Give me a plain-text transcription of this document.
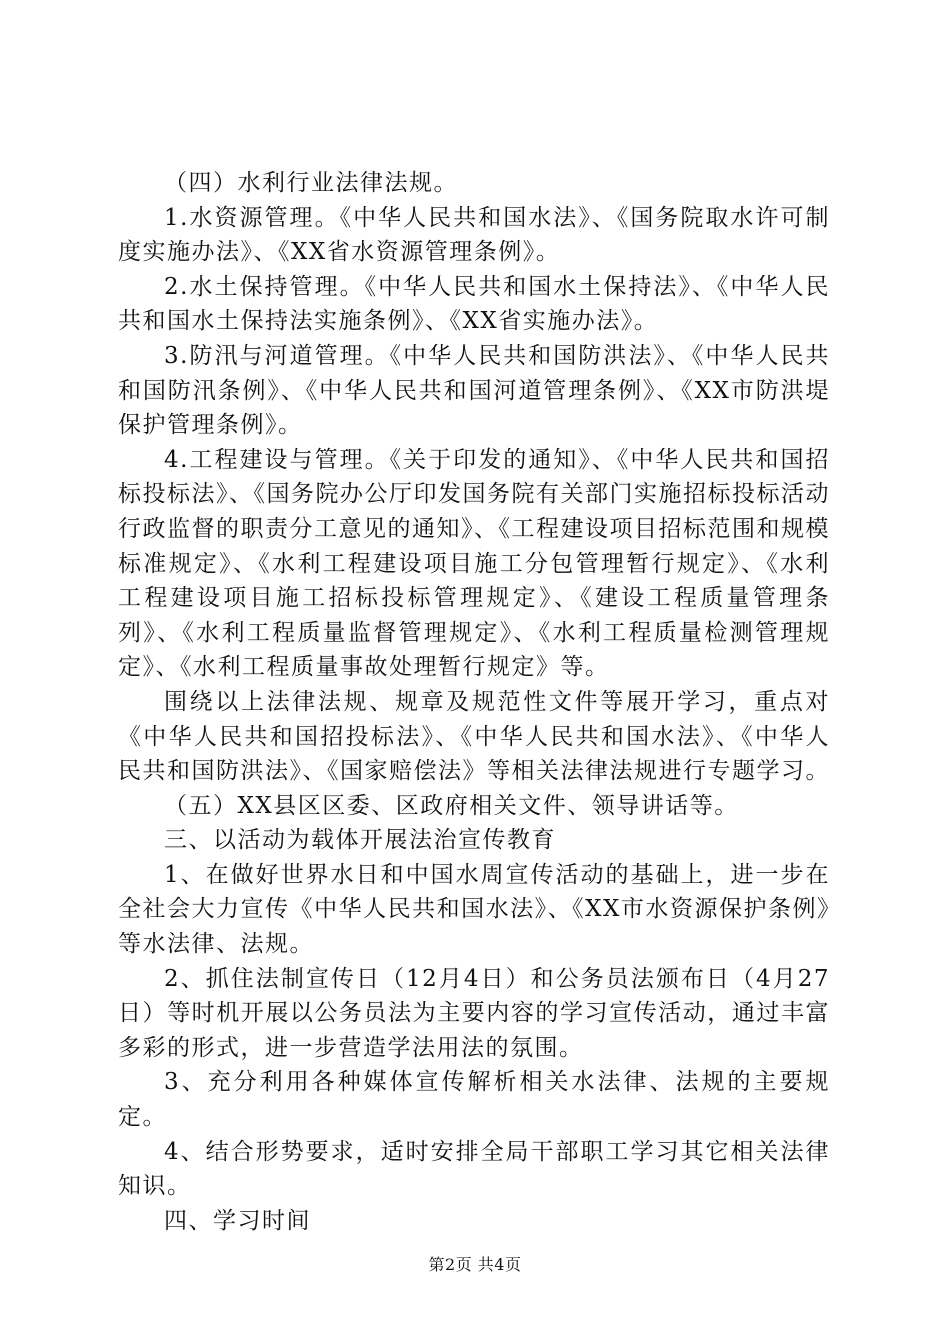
（四）水利行业法律法规。

1.水资源管理。《中华人民共和国水法》、《国务院取水许可制度实施办法》、《XX省水资源管理条例》。

2.水土保持管理。《中华人民共和国水土保持法》、《中华人民共和国水土保持法实施条例》、《XX省实施办法》。

3.防汛与河道管理。《中华人民共和国防洪法》、《中华人民共和国防汛条例》、《中华人民共和国河道管理条例》、《XX市防洪堤保护管理条例》。

4.工程建设与管理。《关于印发的通知》、《中华人民共和国招标投标法》、《国务院办公厅印发国务院有关部门实施招标投标活动行政监督的职责分工意见的通知》、《工程建设项目招标范围和规模标准规定》、《水利工程建设项目施工分包管理暂行规定》、《水利工程建设项目施工招标投标管理规定》、《建设工程质量管理条列》、《水利工程质量监督管理规定》、《水利工程质量检测管理规定》、《水利工程质量事故处理暂行规定》等。

围绕以上法律法规、规章及规范性文件等展开学习，重点对《中华人民共和国招投标法》、《中华人民共和国水法》、《中华人民共和国防洪法》、《国家赔偿法》等相关法律法规进行专题学习。

（五）XX县区区委、区政府相关文件、领导讲话等。

三、以活动为载体开展法治宣传教育

1、在做好世界水日和中国水周宣传活动的基础上，进一步在全社会大力宣传《中华人民共和国水法》、《XX市水资源保护条例》等水法律、法规。

2、抓住法制宣传日（12月4日）和公务员法颁布日（4月27日）等时机开展以公务员法为主要内容的学习宣传活动，通过丰富多彩的形式，进一步营造学法用法的氛围。

3、充分利用各种媒体宣传解析相关水法律、法规的主要规定。

4、结合形势要求，适时安排全局干部职工学习其它相关法律知识。

四、学习时间

第2页 共4页
